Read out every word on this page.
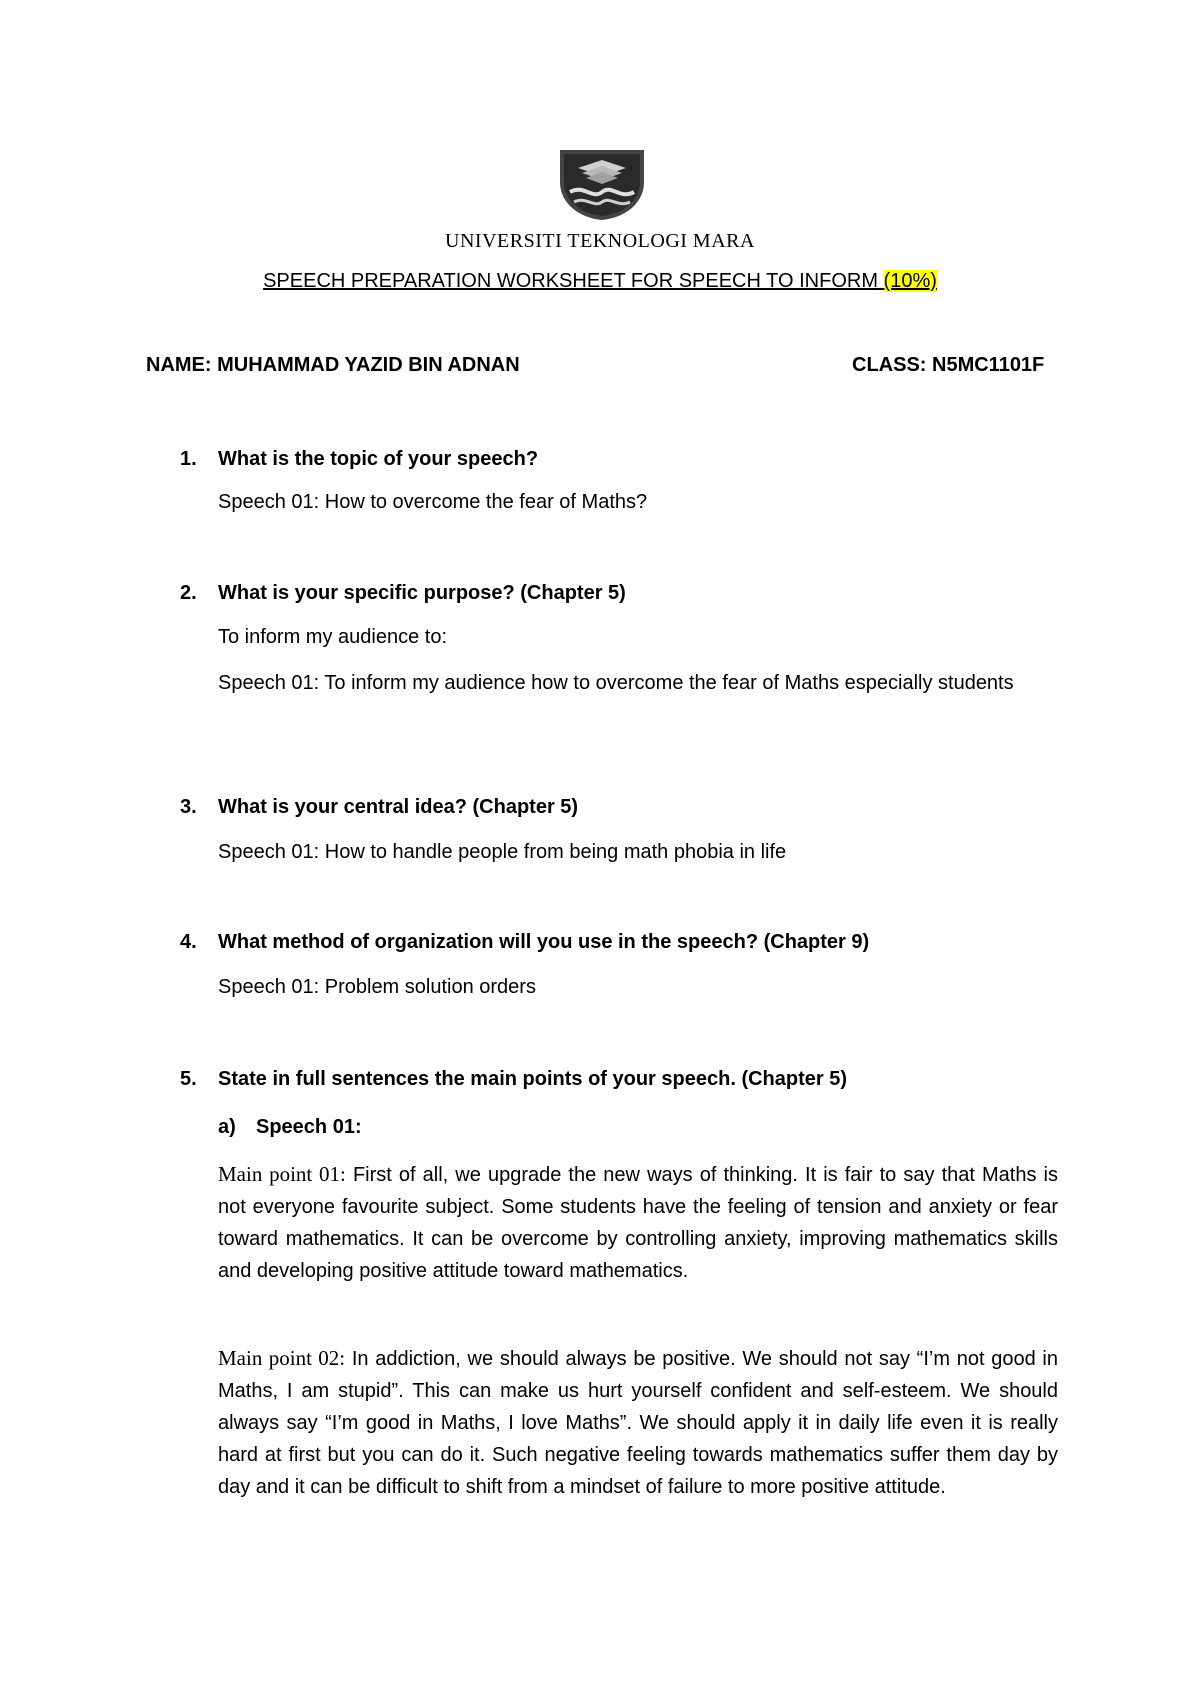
UNIVERSITI TEKNOLOGI MARA
SPEECH PREPARATION WORKSHEET FOR SPEECH TO INFORM (10%)
NAME: MUHAMMAD YAZID BIN ADNAN	CLASS: N5MC1101F
1. What is the topic of your speech?
Speech 01: How to overcome the fear of Maths?
2. What is your specific purpose? (Chapter 5)
To inform my audience to:
Speech 01: To inform my audience how to overcome the fear of Maths especially students
3. What is your central idea? (Chapter 5)
Speech 01: How to handle people from being math phobia in life
4. What method of organization will you use in the speech? (Chapter 9)
Speech 01: Problem solution orders
5. State in full sentences the main points of your speech. (Chapter 5)
a) Speech 01:
Main point 01: First of all, we upgrade the new ways of thinking. It is fair to say that Maths is not everyone favourite subject. Some students have the feeling of tension and anxiety or fear toward mathematics. It can be overcome by controlling anxiety, improving mathematics skills and developing positive attitude toward mathematics.
Main point 02: In addiction, we should always be positive. We should not say “I’m not good in Maths, I am stupid”. This can make us hurt yourself confident and self-esteem. We should always say “I’m good in Maths, I love Maths”. We should apply it in daily life even it is really hard at first but you can do it. Such negative feeling towards mathematics suffer them day by day and it can be difficult to shift from a mindset of failure to more positive attitude.
